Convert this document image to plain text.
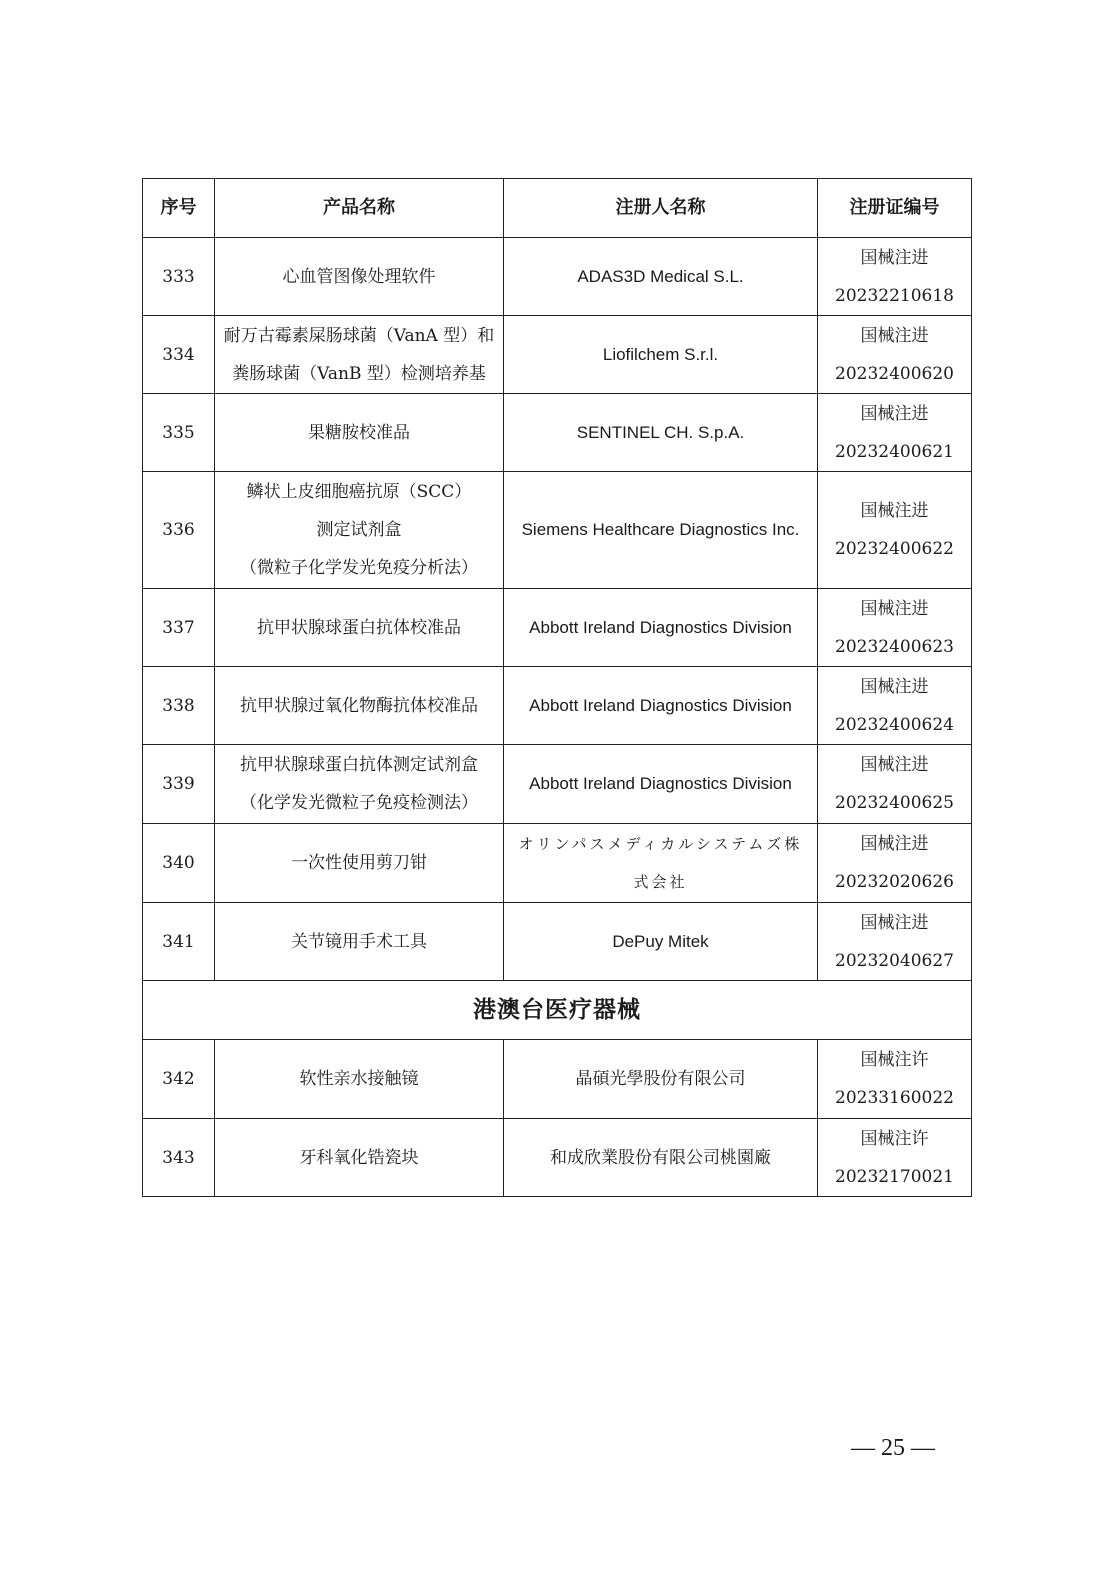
序号	产品名称	注册人名称	注册证编号
333	心血管图像处理软件	ADAS3D Medical S.L.	国械注进
20232210618

334	耐万古霉素屎肠球菌（VanA 型）和
粪肠球菌（VanB 型）检测培养基	Liofilchem S.r.l.	国械注进
20232400620

335	果糖胺校准品	SENTINEL CH. S.p.A.	国械注进
20232400621

336	鳞状上皮细胞癌抗原（SCC）
测定试剂盒
（微粒子化学发光免疫分析法）	Siemens Healthcare Diagnostics Inc.	国械注进
20232400622

337	抗甲状腺球蛋白抗体校准品	Abbott Ireland Diagnostics Division	国械注进
20232400623

338	抗甲状腺过氧化物酶抗体校准品	Abbott Ireland Diagnostics Division	国械注进
20232400624

339	抗甲状腺球蛋白抗体测定试剂盒
（化学发光微粒子免疫检测法）	Abbott Ireland Diagnostics Division	国械注进
20232400625

340	一次性使用剪刀钳	オリンパスメディカルシステムズ株
式会社	国械注进
20232020626

341	关节镜用手术工具	DePuy Mitek	国械注进
20232040627

港澳台医疗器械			
342	软性亲水接触镜	晶碩光學股份有限公司	国械注许
20233160022

343	牙科氧化锆瓷块	和成欣業股份有限公司桃園廠	国械注许
20232170021
— 25 —
